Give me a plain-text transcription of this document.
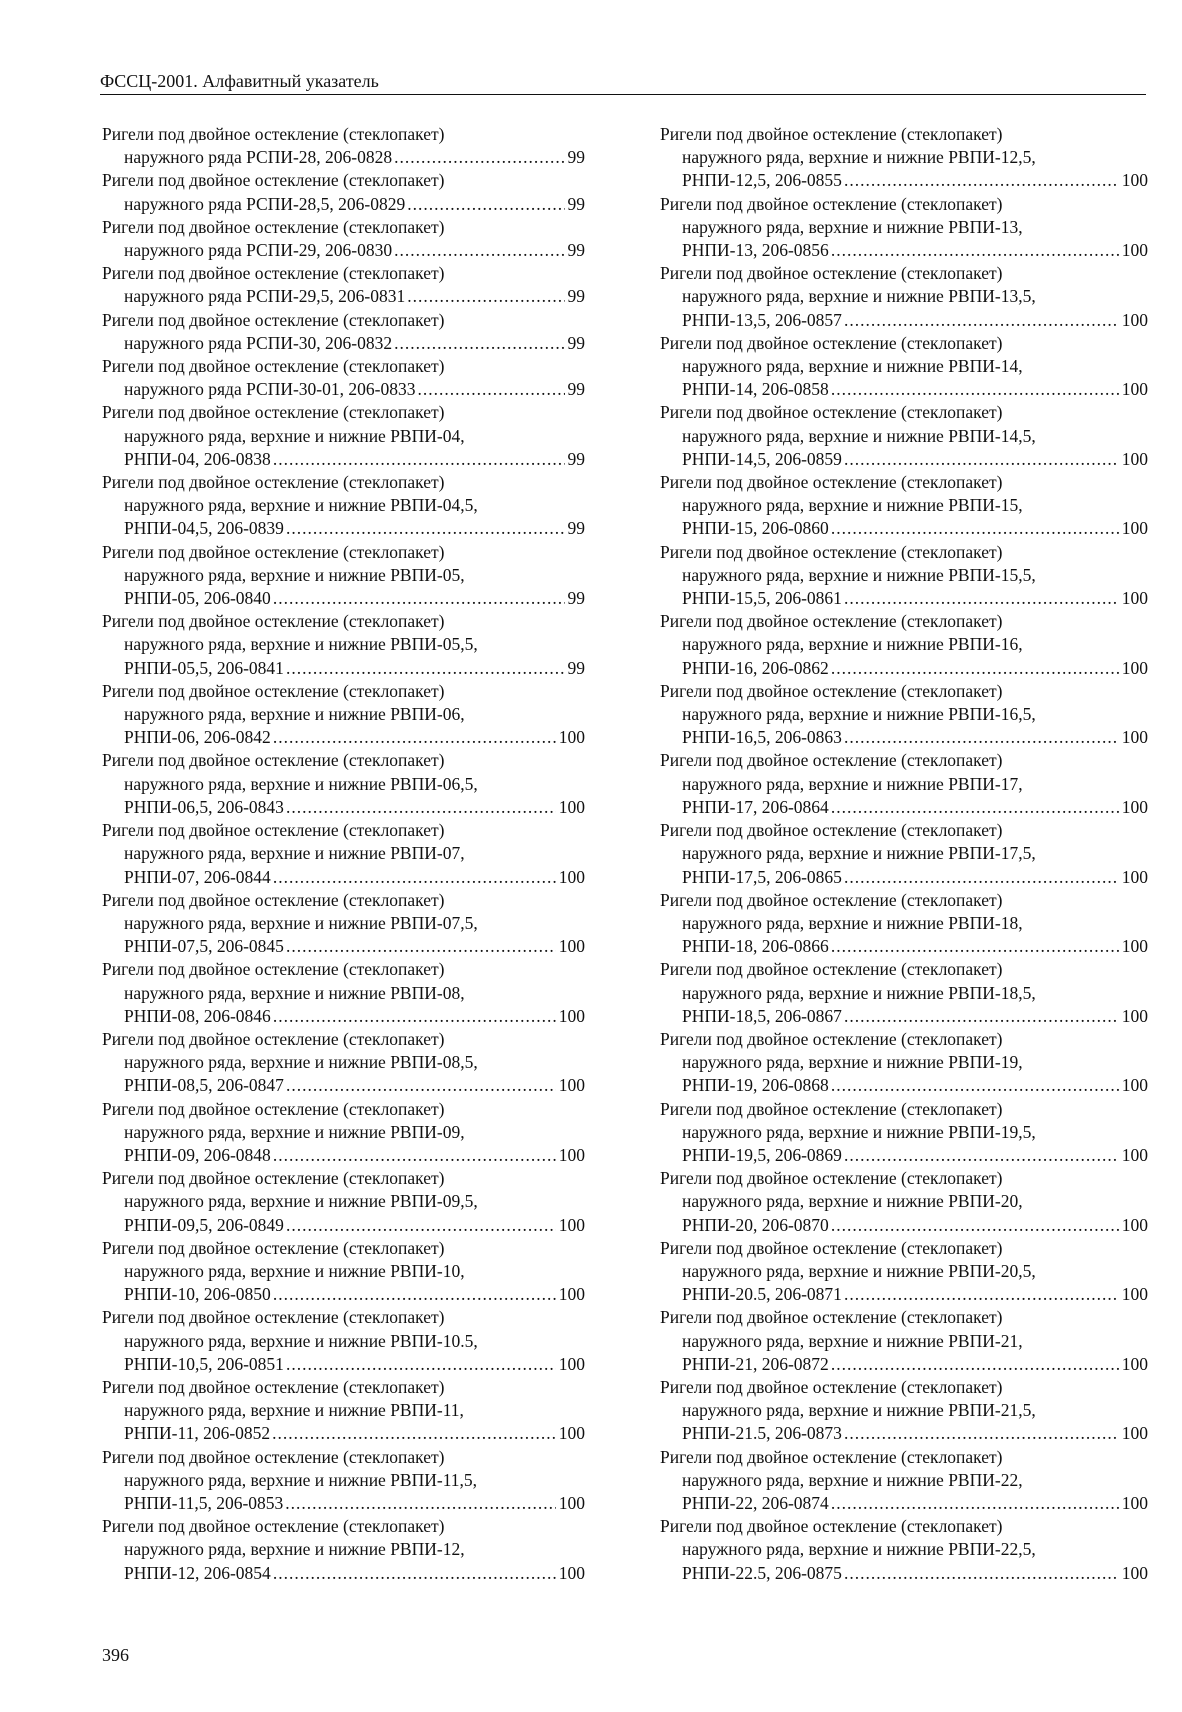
ФССЦ-2001. Алфавитный указатель
Ригели под двойное остекление (стеклопакет)
наружного ряда РСПИ-28, 206-0828 .....	99
Ригели под двойное остекление (стеклопакет)
наружного ряда РСПИ-28,5, 206-0829 .....	99
Ригели под двойное остекление (стеклопакет)
наружного ряда РСПИ-29, 206-0830 .....	99
Ригели под двойное остекление (стеклопакет)
наружного ряда РСПИ-29,5, 206-0831 .....	99
Ригели под двойное остекление (стеклопакет)
наружного ряда РСПИ-30, 206-0832 .....	99
Ригели под двойное остекление (стеклопакет)
наружного ряда РСПИ-30-01, 206-0833 .....	99
Ригели под двойное остекление (стеклопакет)
наружного ряда, верхние и нижние РВПИ-04,
РНПИ-04, 206-0838 .....	99
Ригели под двойное остекление (стеклопакет)
наружного ряда, верхние и нижние РВПИ-04,5,
РНПИ-04,5, 206-0839 .....	99
Ригели под двойное остекление (стеклопакет)
наружного ряда, верхние и нижние РВПИ-05,
РНПИ-05, 206-0840 .....	99
Ригели под двойное остекление (стеклопакет)
наружного ряда, верхние и нижние РВПИ-05,5,
РНПИ-05,5, 206-0841 .....	99
Ригели под двойное остекление (стеклопакет)
наружного ряда, верхние и нижние РВПИ-06,
РНПИ-06, 206-0842 .....	100
Ригели под двойное остекление (стеклопакет)
наружного ряда, верхние и нижние РВПИ-06,5,
РНПИ-06,5, 206-0843 .....	100
Ригели под двойное остекление (стеклопакет)
наружного ряда, верхние и нижние РВПИ-07,
РНПИ-07, 206-0844 .....	100
Ригели под двойное остекление (стеклопакет)
наружного ряда, верхние и нижние РВПИ-07,5,
РНПИ-07,5, 206-0845 .....	100
Ригели под двойное остекление (стеклопакет)
наружного ряда, верхние и нижние РВПИ-08,
РНПИ-08, 206-0846 .....	100
Ригели под двойное остекление (стеклопакет)
наружного ряда, верхние и нижние РВПИ-08,5,
РНПИ-08,5, 206-0847 .....	100
Ригели под двойное остекление (стеклопакет)
наружного ряда, верхние и нижние РВПИ-09,
РНПИ-09, 206-0848 .....	100
Ригели под двойное остекление (стеклопакет)
наружного ряда, верхние и нижние РВПИ-09,5,
РНПИ-09,5, 206-0849 .....	100
Ригели под двойное остекление (стеклопакет)
наружного ряда, верхние и нижние РВПИ-10,
РНПИ-10, 206-0850 .....	100
Ригели под двойное остекление (стеклопакет)
наружного ряда, верхние и нижние РВПИ-10.5,
РНПИ-10,5, 206-0851 .....	100
Ригели под двойное остекление (стеклопакет)
наружного ряда, верхние и нижние РВПИ-11,
РНПИ-11, 206-0852 .....	100
Ригели под двойное остекление (стеклопакет)
наружного ряда, верхние и нижние РВПИ-11,5,
РНПИ-11,5, 206-0853 .....	100
Ригели под двойное остекление (стеклопакет)
наружного ряда, верхние и нижние РВПИ-12,
РНПИ-12, 206-0854 .....	100
Ригели под двойное остекление (стеклопакет)
наружного ряда, верхние и нижние РВПИ-12,5,
РНПИ-12,5, 206-0855 .....	100
Ригели под двойное остекление (стеклопакет)
наружного ряда, верхние и нижние РВПИ-13,
РНПИ-13, 206-0856 .....	100
Ригели под двойное остекление (стеклопакет)
наружного ряда, верхние и нижние РВПИ-13,5,
РНПИ-13,5, 206-0857 .....	100
Ригели под двойное остекление (стеклопакет)
наружного ряда, верхние и нижние РВПИ-14,
РНПИ-14, 206-0858 .....	100
Ригели под двойное остекление (стеклопакет)
наружного ряда, верхние и нижние РВПИ-14,5,
РНПИ-14,5, 206-0859 .....	100
Ригели под двойное остекление (стеклопакет)
наружного ряда, верхние и нижние РВПИ-15,
РНПИ-15, 206-0860 .....	100
Ригели под двойное остекление (стеклопакет)
наружного ряда, верхние и нижние РВПИ-15,5,
РНПИ-15,5, 206-0861 .....	100
Ригели под двойное остекление (стеклопакет)
наружного ряда, верхние и нижние РВПИ-16,
РНПИ-16, 206-0862 .....	100
Ригели под двойное остекление (стеклопакет)
наружного ряда, верхние и нижние РВПИ-16,5,
РНПИ-16,5, 206-0863 .....	100
Ригели под двойное остекление (стеклопакет)
наружного ряда, верхние и нижние РВПИ-17,
РНПИ-17, 206-0864 .....	100
Ригели под двойное остекление (стеклопакет)
наружного ряда, верхние и нижние РВПИ-17,5,
РНПИ-17,5, 206-0865 .....	100
Ригели под двойное остекление (стеклопакет)
наружного ряда, верхние и нижние РВПИ-18,
РНПИ-18, 206-0866 .....	100
Ригели под двойное остекление (стеклопакет)
наружного ряда, верхние и нижние РВПИ-18,5,
РНПИ-18,5, 206-0867 .....	100
Ригели под двойное остекление (стеклопакет)
наружного ряда, верхние и нижние РВПИ-19,
РНПИ-19, 206-0868 .....	100
Ригели под двойное остекление (стеклопакет)
наружного ряда, верхние и нижние РВПИ-19,5,
РНПИ-19,5, 206-0869 .....	100
Ригели под двойное остекление (стеклопакет)
наружного ряда, верхние и нижние РВПИ-20,
РНПИ-20, 206-0870 .....	100
Ригели под двойное остекление (стеклопакет)
наружного ряда, верхние и нижние РВПИ-20,5,
РНПИ-20.5, 206-0871 .....	100
Ригели под двойное остекление (стеклопакет)
наружного ряда, верхние и нижние РВПИ-21,
РНПИ-21, 206-0872 .....	100
Ригели под двойное остекление (стеклопакет)
наружного ряда, верхние и нижние РВПИ-21,5,
РНПИ-21.5, 206-0873 .....	100
Ригели под двойное остекление (стеклопакет)
наружного ряда, верхние и нижние РВПИ-22,
РНПИ-22, 206-0874 .....	100
Ригели под двойное остекление (стеклопакет)
наружного ряда, верхние и нижние РВПИ-22,5,
РНПИ-22.5, 206-0875 .....	100
396
